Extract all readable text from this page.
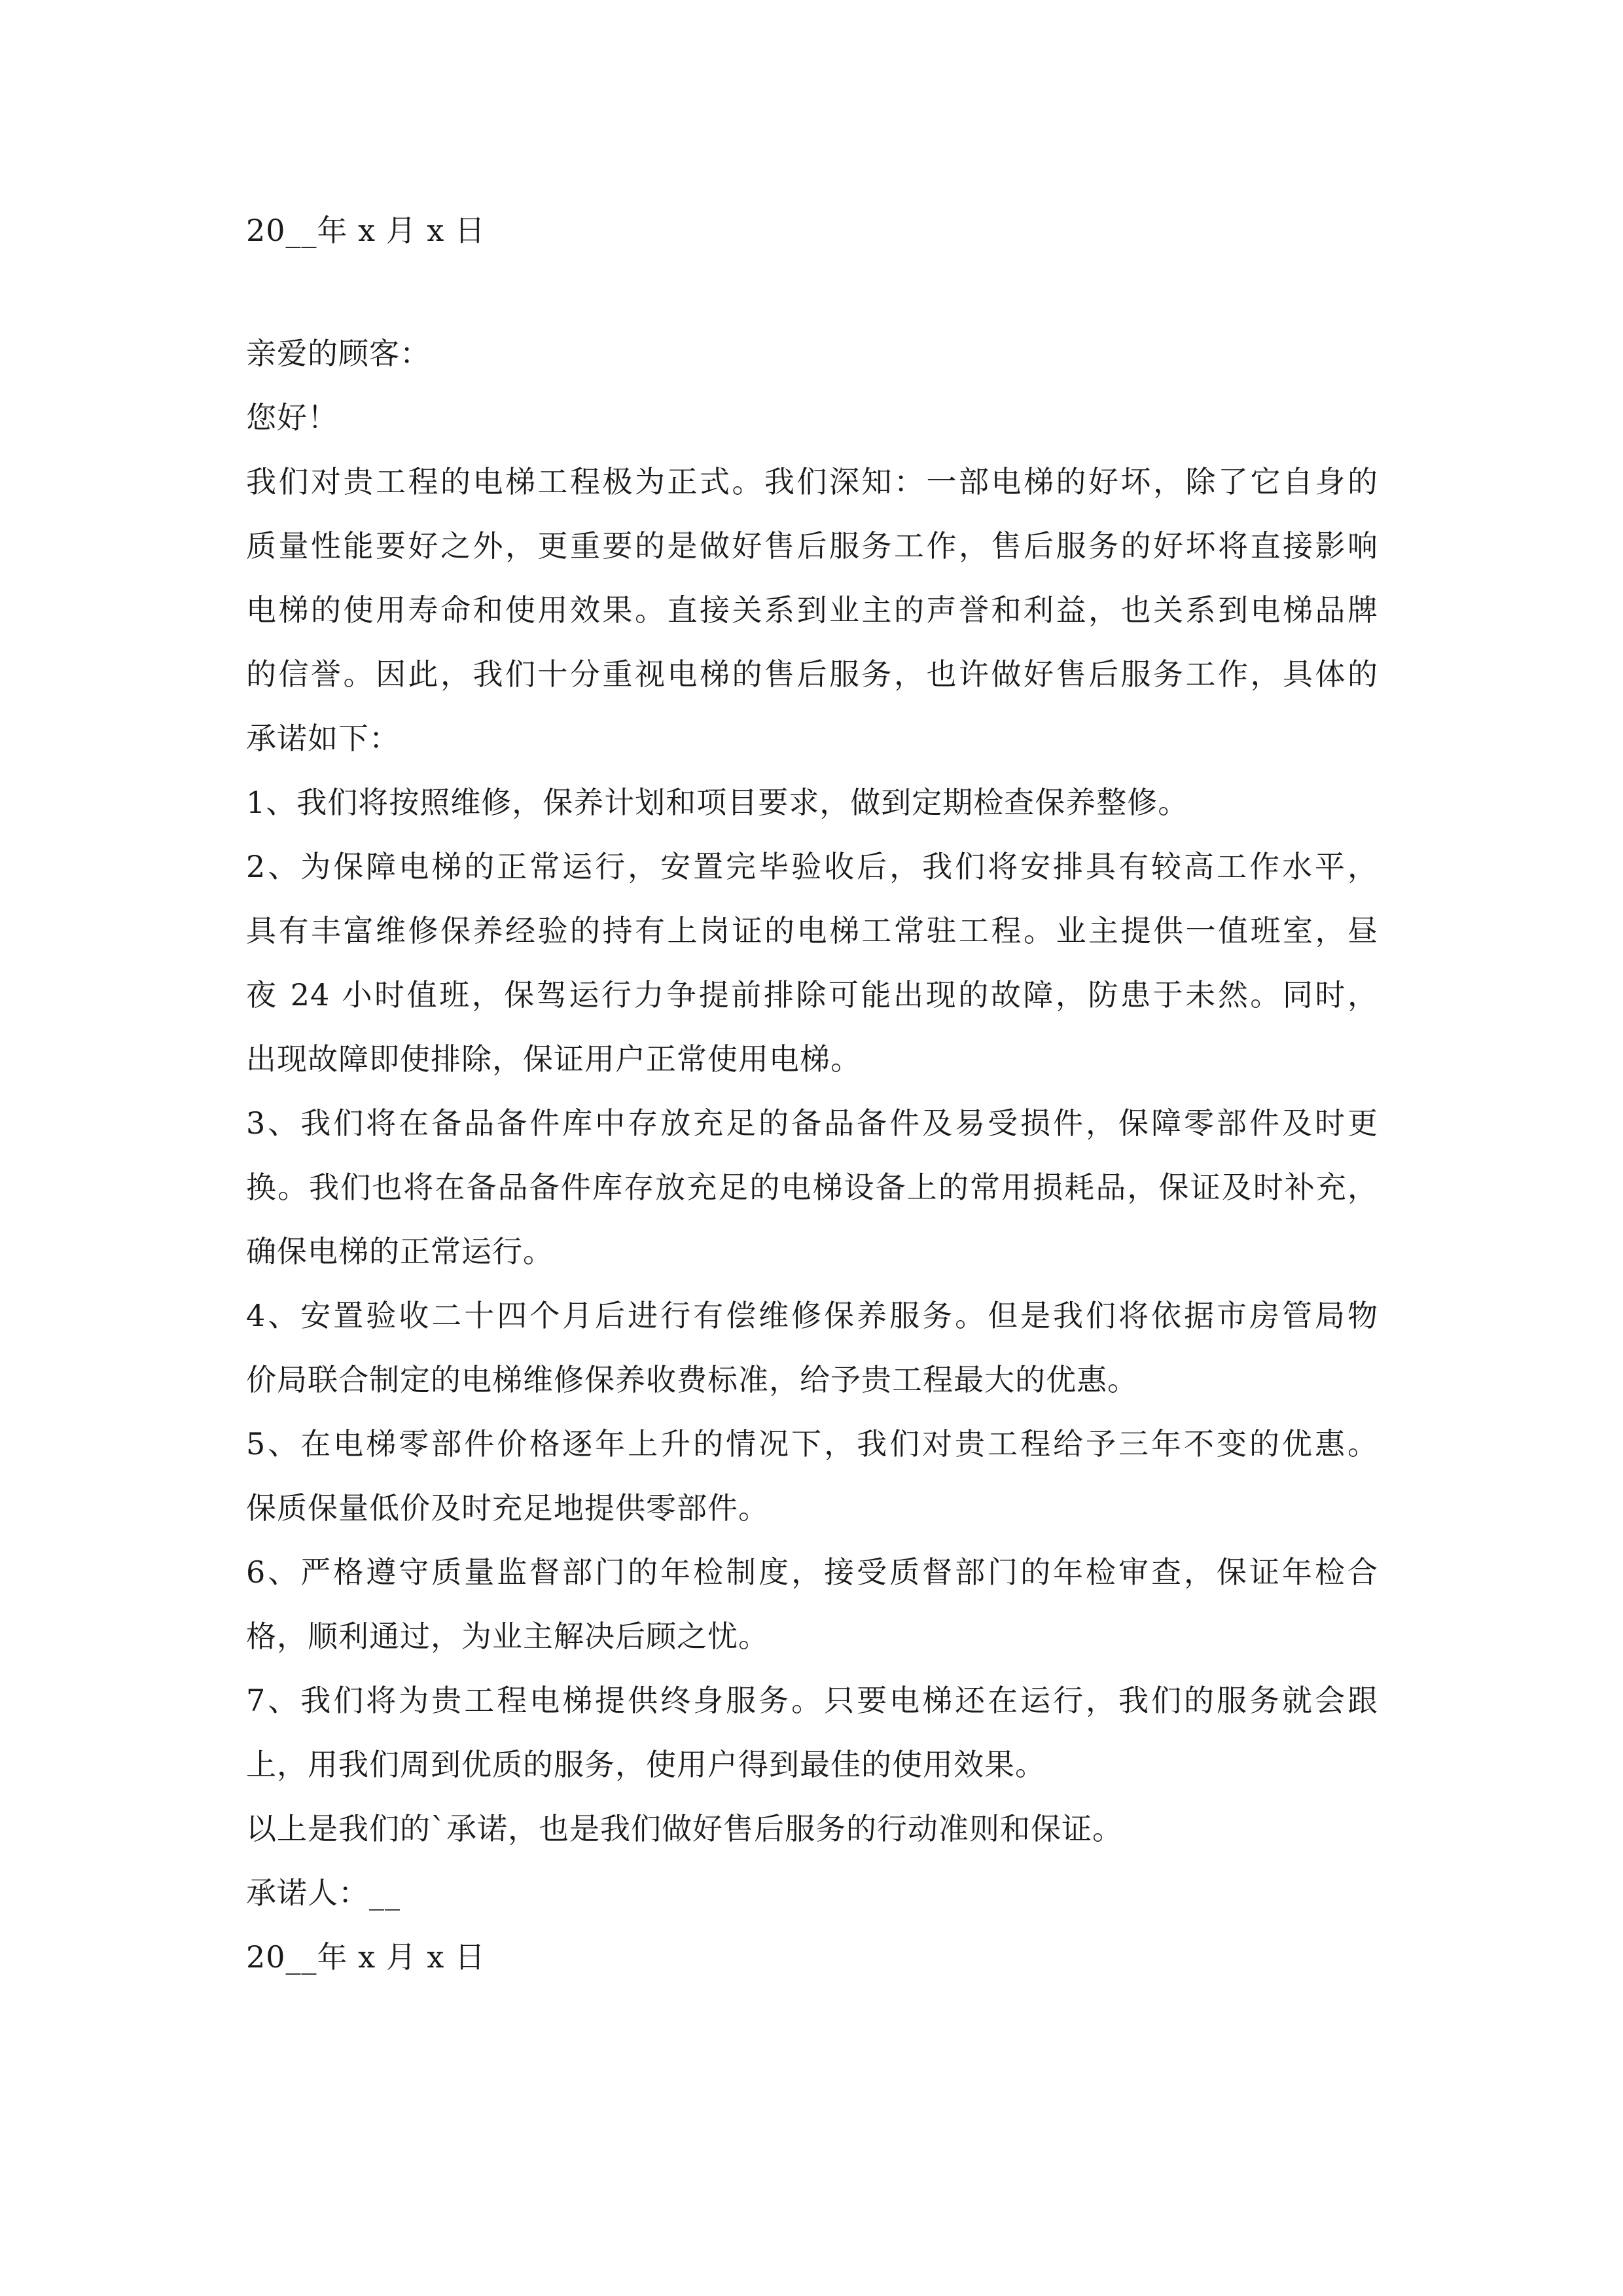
20__年 x 月 x 日
亲爱的顾客：
您好！
我们对贵工程的电梯工程极为正式。我们深知：一部电梯的好坏，除了它自身的
质量性能要好之外，更重要的是做好售后服务工作，售后服务的好坏将直接影响
电梯的使用寿命和使用效果。直接关系到业主的声誉和利益，也关系到电梯品牌
的信誉。因此，我们十分重视电梯的售后服务，也许做好售后服务工作，具体的
承诺如下：
1、我们将按照维修，保养计划和项目要求，做到定期检查保养整修。
2、为保障电梯的正常运行，安置完毕验收后，我们将安排具有较高工作水平，
具有丰富维修保养经验的持有上岗证的电梯工常驻工程。业主提供一值班室，昼
夜 24 小时值班，保驾运行力争提前排除可能出现的故障，防患于未然。同时，
出现故障即使排除，保证用户正常使用电梯。
3、我们将在备品备件库中存放充足的备品备件及易受损件，保障零部件及时更
换。我们也将在备品备件库存放充足的电梯设备上的常用损耗品，保证及时补充，
确保电梯的正常运行。
4、安置验收二十四个月后进行有偿维修保养服务。但是我们将依据市房管局物
价局联合制定的电梯维修保养收费标准，给予贵工程最大的优惠。
5、在电梯零部件价格逐年上升的情况下，我们对贵工程给予三年不变的优惠。
保质保量低价及时充足地提供零部件。
6、严格遵守质量监督部门的年检制度，接受质督部门的年检审查，保证年检合
格，顺利通过，为业主解决后顾之忧。
7、我们将为贵工程电梯提供终身服务。只要电梯还在运行，我们的服务就会跟
上，用我们周到优质的服务，使用户得到最佳的使用效果。
以上是我们的`承诺，也是我们做好售后服务的行动准则和保证。
承诺人：__
20__年 x 月 x 日
